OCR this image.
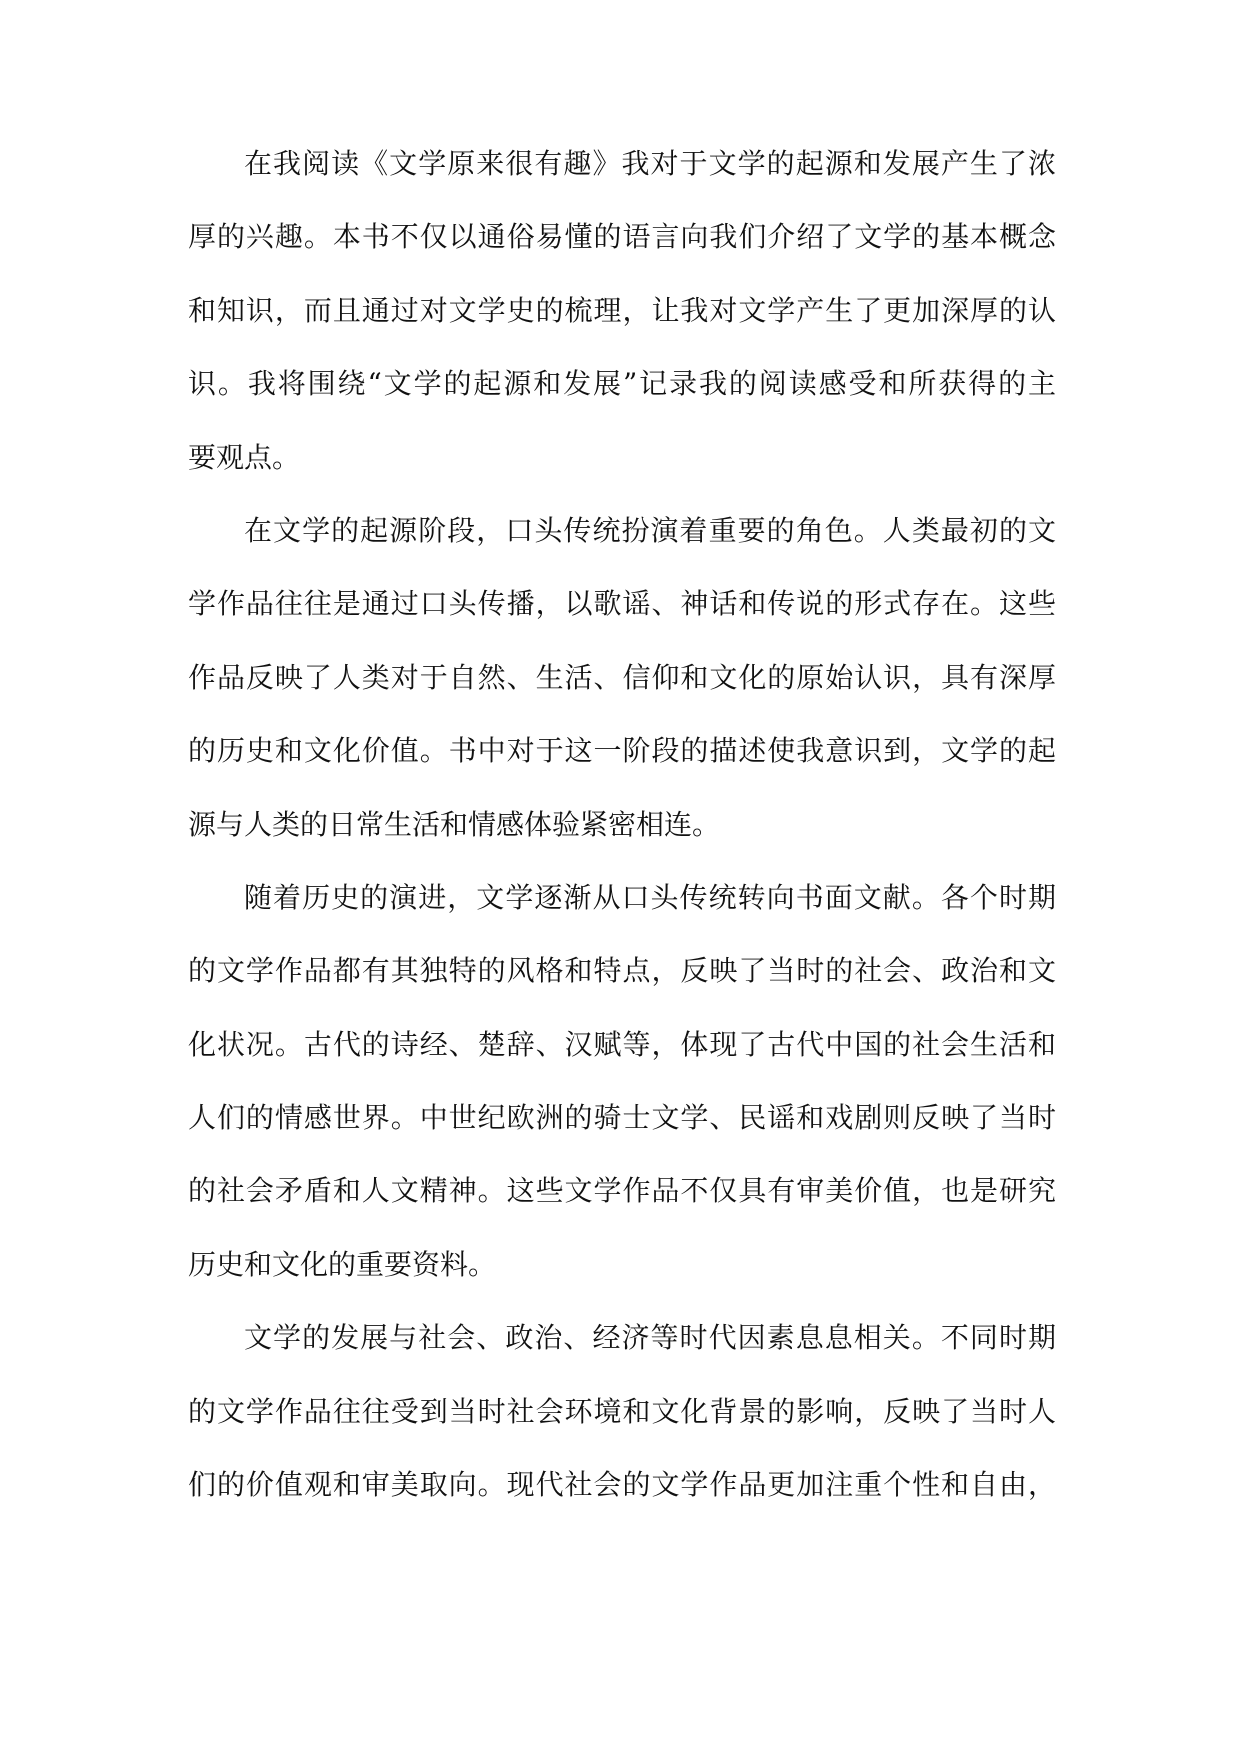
在我阅读《文学原来很有趣》我对于文学的起源和发展产生了浓
厚的兴趣。本书不仅以通俗易懂的语言向我们介绍了文学的基本概念
和知识，而且通过对文学史的梳理，让我对文学产生了更加深厚的认
识。我将围绕“文学的起源和发展”记录我的阅读感受和所获得的主
要观点。
在文学的起源阶段，口头传统扮演着重要的角色。人类最初的文
学作品往往是通过口头传播，以歌谣、神话和传说的形式存在。这些
作品反映了人类对于自然、生活、信仰和文化的原始认识，具有深厚
的历史和文化价值。书中对于这一阶段的描述使我意识到，文学的起
源与人类的日常生活和情感体验紧密相连。
随着历史的演进，文学逐渐从口头传统转向书面文献。各个时期
的文学作品都有其独特的风格和特点，反映了当时的社会、政治和文
化状况。古代的诗经、楚辞、汉赋等，体现了古代中国的社会生活和
人们的情感世界。中世纪欧洲的骑士文学、民谣和戏剧则反映了当时
的社会矛盾和人文精神。这些文学作品不仅具有审美价值，也是研究
历史和文化的重要资料。
文学的发展与社会、政治、经济等时代因素息息相关。不同时期
的文学作品往往受到当时社会环境和文化背景的影响，反映了当时人
们的价值观和审美取向。现代社会的文学作品更加注重个性和自由，
